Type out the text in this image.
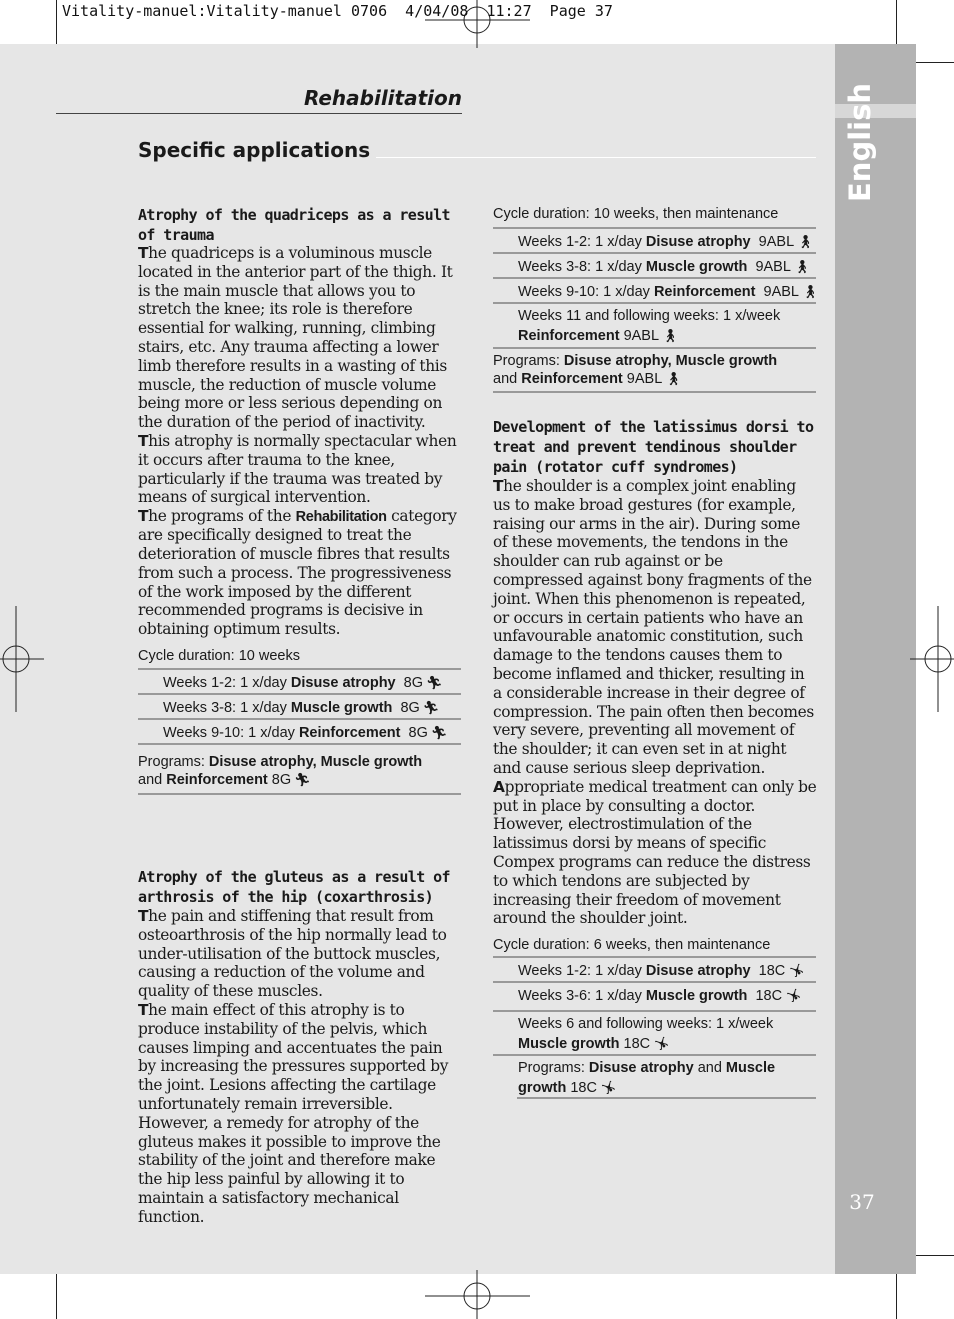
Vitality-manuel:Vitality-manuel 0706  4/04/08  11:27  Page 37
Rehabilitation
Specific applications	English
37
Atrophy of the quadriceps as a result of trauma
The quadriceps is a voluminous muscle located in the anterior part of the thigh. It is the main muscle that allows you to stretch the knee; its role is therefore essential for walking, running, climbing stairs, etc. Any trauma affecting a lower limb therefore results in a wasting of this muscle, the reduction of muscle volume being more or less serious depending on the duration of the period of inactivity.
This atrophy is normally spectacular when it occurs after trauma to the knee, particularly if the trauma was treated by means of surgical intervention.
The programs of the Rehabilitation category are specifically designed to treat the deterioration of muscle fibres that results from such a process. The progressiveness of the work imposed by the different recommended programs is decisive in obtaining optimum results.
Cycle duration: 10 weeks
Weeks 1-2: 1 x/day Disuse atrophy  8G 🏃︎
Weeks 3-8: 1 x/day Muscle growth  8G 🏃︎
Weeks 9-10: 1 x/day Reinforcement  8G 🏃︎
Programs: Disuse atrophy, Muscle growth
and Reinforcement 8G 🏃︎
Atrophy of the gluteus as a result of arthrosis of the hip (coxarthrosis)
The pain and stiffening that result from osteoarthrosis of the hip normally lead to under-utilisation of the buttock muscles, causing a reduction of the volume and quality of these muscles.
The main effect of this atrophy is to produce instability of the pelvis, which causes limping and accentuates the pain by increasing the pressures supported by the joint. Lesions affecting the cartilage unfortunately remain irreversible. However, a remedy for atrophy of the gluteus makes it possible to improve the stability of the joint and therefore make the hip less painful by allowing it to maintain a satisfactory mechanical function.
Cycle duration: 10 weeks, then maintenance
Weeks 1-2: 1 x/day Disuse atrophy  9ABL 🚶︎
Weeks 3-8: 1 x/day Muscle growth  9ABL 🚶︎
Weeks 9-10: 1 x/day Reinforcement  9ABL 🚶︎
Weeks 11 and following weeks: 1 x/week
Reinforcement 9ABL 🚶︎
Programs: Disuse atrophy, Muscle growth
and Reinforcement 9ABL 🚶︎
Development of the latissimus dorsi to treat and prevent tendinous shoulder pain (rotator cuff syndromes)
The shoulder is a complex joint enabling us to make broad gestures (for example, raising our arms in the air). During some of these movements, the tendons in the shoulder can rub against or be compressed against bony fragments of the joint. When this phenomenon is repeated, or occurs in certain patients who have an unfavourable anatomic constitution, such damage to the tendons causes them to become inflamed and thicker, resulting in a considerable increase in their degree of compression. The pain often then becomes very severe, preventing all movement of the shoulder; it can even set in at night and cause serious sleep deprivation.
Appropriate medical treatment can only be put in place by consulting a doctor. However, electrostimulation of the latissimus dorsi by means of specific Compex programs can reduce the distress to which tendons are subjected by increasing their freedom of movement around the shoulder joint.
Cycle duration: 6 weeks, then maintenance
Weeks 1-2: 1 x/day Disuse atrophy  18C 🤸︎
Weeks 3-6: 1 x/day Muscle growth  18C 🤸︎
Weeks 6 and following weeks: 1 x/week
Muscle growth 18C 🤸︎
Programs: Disuse atrophy and Muscle growth 18C 🤸︎
